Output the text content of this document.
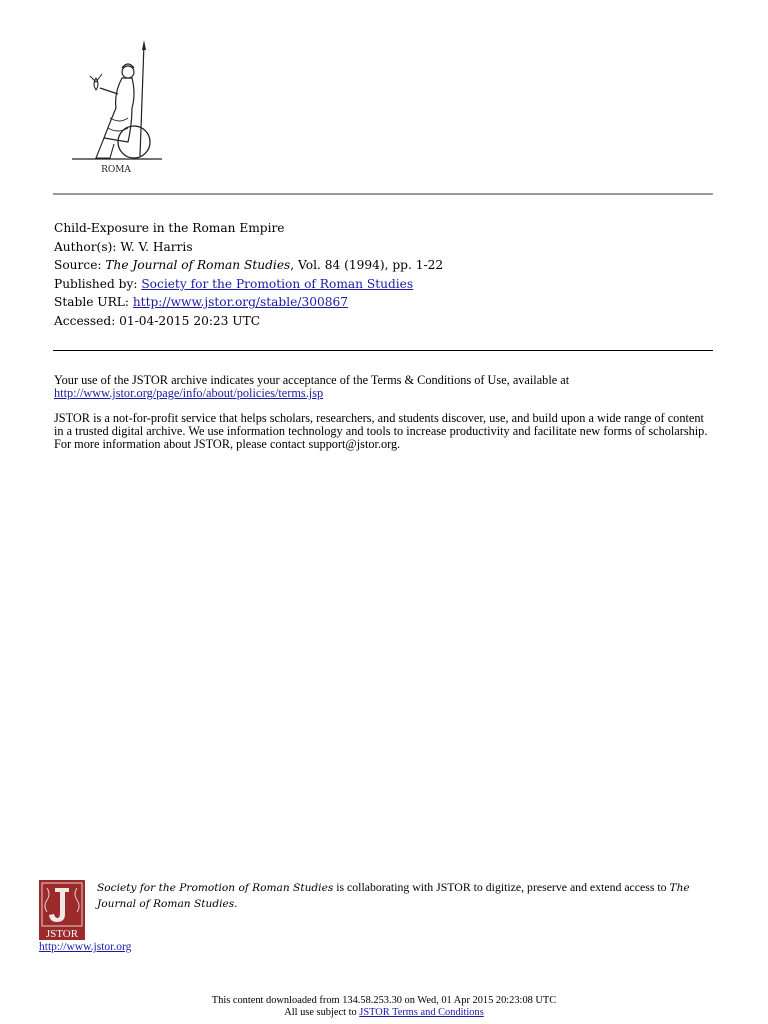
ROMA
Child-Exposure in the Roman Empire
Author(s): W. V. Harris
Source: The Journal of Roman Studies, Vol. 84 (1994), pp. 1-22
Published by: Society for the Promotion of Roman Studies
Stable URL: http://www.jstor.org/stable/300867
Accessed: 01-04-2015 20:23 UTC

Your use of the JSTOR archive indicates your acceptance of the Terms & Conditions of Use, available at
http://www.jstor.org/page/info/about/policies/terms.jsp

JSTOR is a not-for-profit service that helps scholars, researchers, and students discover, use, and build upon a wide range of content
in a trusted digital archive. We use information technology and tools to increase productivity and facilitate new forms of scholarship.
For more information about JSTOR, please contact support@jstor.org.

JSTOR
http://www.jstor.org
Society for the Promotion of Roman Studies is collaborating with JSTOR to digitize, preserve and extend access to The
Journal of Roman Studies.
This content downloaded from 134.58.253.30 on Wed, 01 Apr 2015 20:23:08 UTC
All use subject to JSTOR Terms and Conditions
